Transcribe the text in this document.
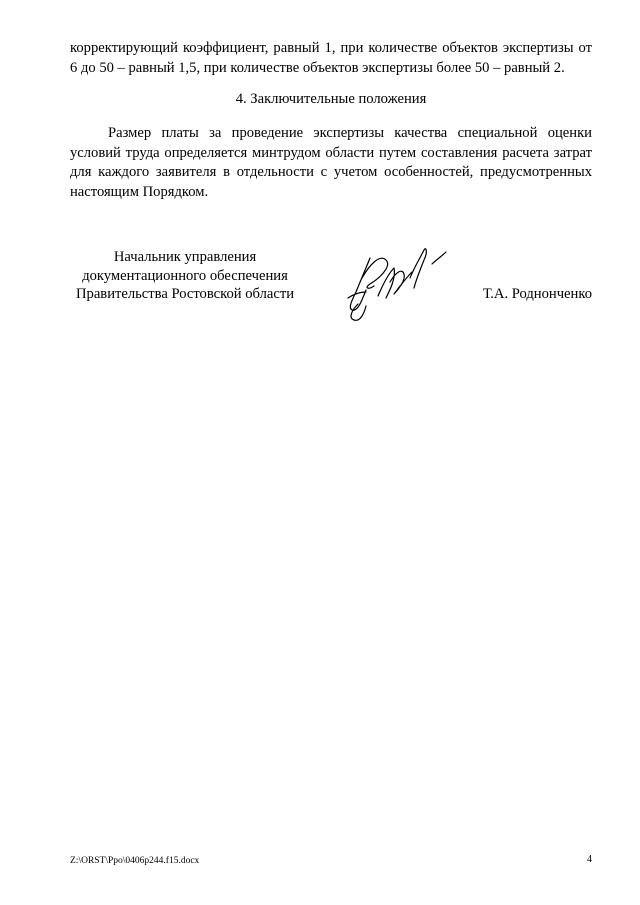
корректирующий коэффициент, равный 1, при количестве объектов экспертизы от 6 до 50 – равный 1,5, при количестве объектов экспертизы более 50 – равный 2.

4. Заключительные положения

Размер платы за проведение экспертизы качества специальной оценки условий труда определяется минтрудом области путем составления расчета затрат для каждого заявителя в отдельности с учетом особенностей, предусмотренных настоящим Порядком.

Начальник управления
документационного обеспечения
Правительства Ростовской области	Т.А. Роднонченко
Z:\ORST\Ppo\0406p244.f15.docx	4
